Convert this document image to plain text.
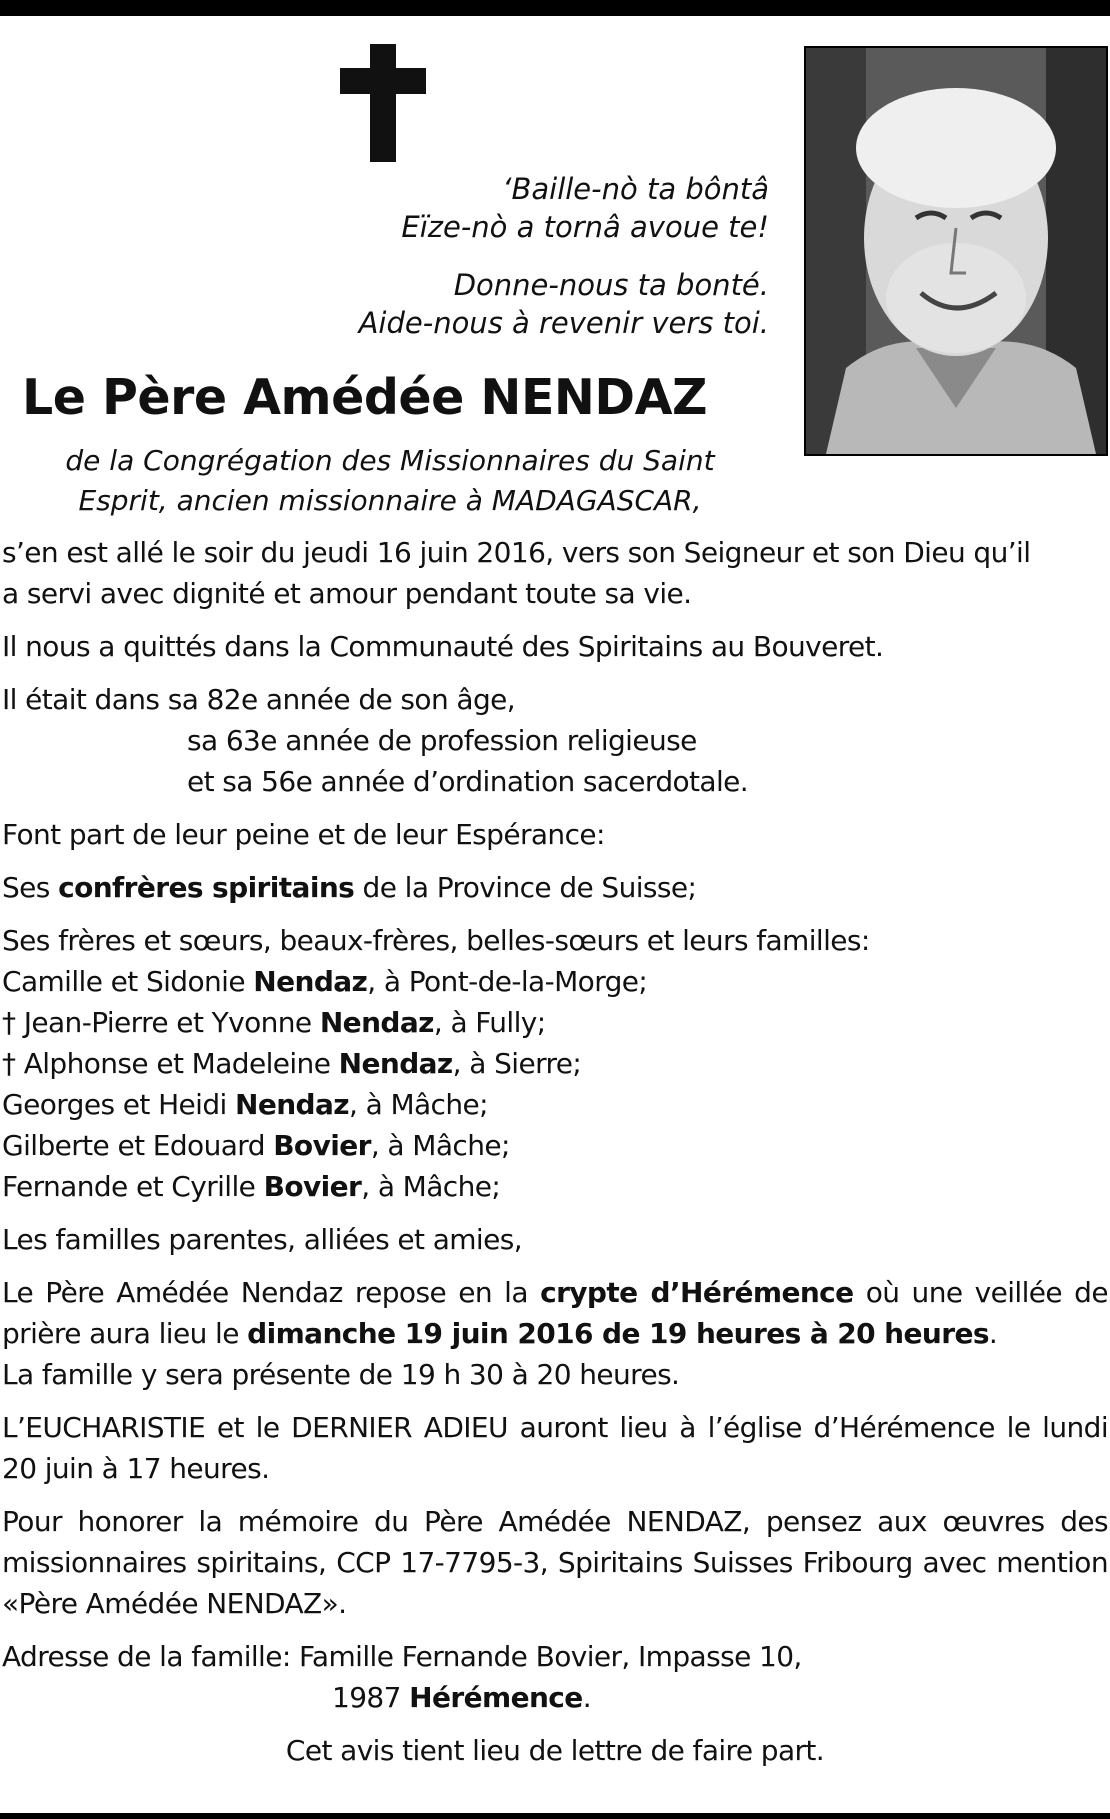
‘Baille-nò ta bôntâ
Eïze-nò a tornâ avoue te!
Donne-nous ta bonté.
Aide-nous à revenir vers toi.
Le Père Amédée NENDAZ
de la Congrégation des Missionnaires du Saint
Esprit, ancien missionnaire à MADAGASCAR,
s’en est allé le soir du jeudi 16 juin 2016, vers son Seigneur et son Dieu qu’il
a servi avec dignité et amour pendant toute sa vie.

Il nous a quittés dans la Communauté des Spiritains au Bouveret.

Il était dans sa 82e année de son âge,
sa 63e année de profession religieuse
et sa 56e année d’ordination sacerdotale.

Font part de leur peine et de leur Espérance:

Ses confrères spiritains de la Province de Suisse;

Ses frères et sœurs, beaux-frères, belles-sœurs et leurs familles:
Camille et Sidonie Nendaz, à Pont-de-la-Morge;
† Jean-Pierre et Yvonne Nendaz, à Fully;
† Alphonse et Madeleine Nendaz, à Sierre;
Georges et Heidi Nendaz, à Mâche;
Gilberte et Edouard Bovier, à Mâche;
Fernande et Cyrille Bovier, à Mâche;

Les familles parentes, alliées et amies,

Le Père Amédée Nendaz repose en la crypte d’Hérémence où une veillée de prière aura lieu le dimanche 19 juin 2016 de 19 heures à 20 heures.
La famille y sera présente de 19 h 30 à 20 heures.

L’EUCHARISTIE et le DERNIER ADIEU auront lieu à l’église d’Hérémence le lundi 20 juin à 17 heures.

Pour honorer la mémoire du Père Amédée NENDAZ, pensez aux œuvres des missionnaires spiritains, CCP 17-7795-3, Spiritains Suisses Fribourg avec mention «Père Amédée NENDAZ».

Adresse de la famille: Famille Fernande Bovier, Impasse 10,
1987 Hérémence.

Cet avis tient lieu de lettre de faire part.
